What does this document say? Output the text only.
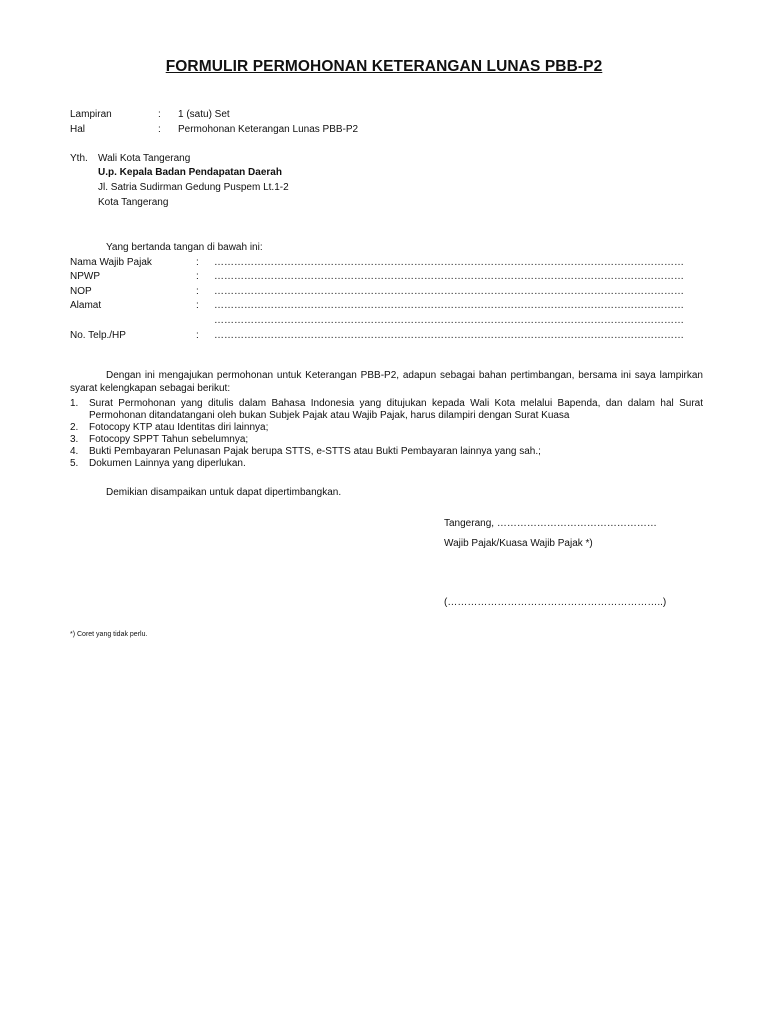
FORMULIR PERMOHONAN KETERANGAN LUNAS PBB-P2
Lampiran	: 1 (satu) Set
Hal	: Permohonan Keterangan Lunas PBB-P2
Yth. Wali Kota Tangerang
U.p. Kepala Badan Pendapatan Daerah
Jl. Satria Sudirman Gedung Puspem Lt.1-2
Kota Tangerang
Yang bertanda tangan di bawah ini:
Nama Wajib Pajak	: ……………………………………………………………………………………………………………………………
NPWP	: ……………………………………………………………………………………………………………………………
NOP	: ……………………………………………………………………………………………………………………………
Alamat	: ……………………………………………………………………………………………………………………………
……………………………………………………………………………………………………………………………
No. Telp./HP	: ……………………………………………………………………………………………………………………………
Dengan ini mengajukan permohonan untuk Keterangan PBB-P2, adapun sebagai bahan pertimbangan, bersama ini saya lampirkan syarat kelengkapan sebagai berikut:
1. Surat Permohonan yang ditulis dalam Bahasa Indonesia yang ditujukan kepada Wali Kota melalui Bapenda, dan dalam hal Surat Permohonan ditandatangani oleh bukan Subjek Pajak atau Wajib Pajak, harus dilampiri dengan Surat Kuasa
2. Fotocopy KTP atau Identitas diri lainnya;
3. Fotocopy SPPT Tahun sebelumnya;
4. Bukti Pembayaran Pelunasan Pajak berupa STTS, e-STTS atau Bukti Pembayaran lainnya yang sah.;
5. Dokumen Lainnya yang diperlukan.
Demikian disampaikan untuk dapat dipertimbangkan.
Tangerang, …………………………………………
Wajib Pajak/Kuasa Wajib Pajak *)
(………………………………………………………..)
*) Coret yang tidak perlu.
